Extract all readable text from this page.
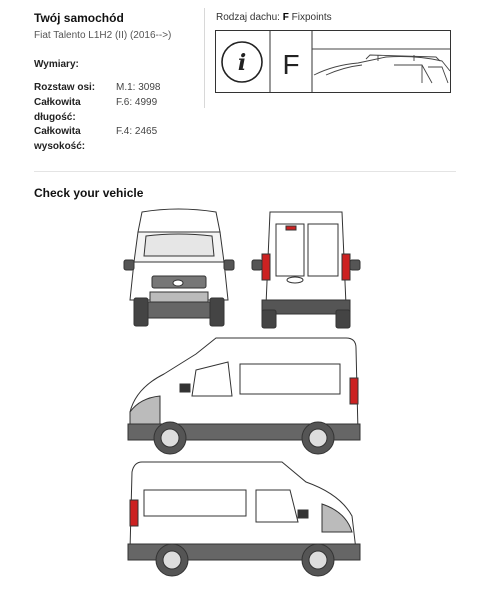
Twój samochód
Fiat Talento L1H2 (II) (2016-->)
Wymiary:
Rozstaw osi: M.1: 3098
Całkowita
długość:
F.6: 4999
Całkowita
wysokość:
F.4: 2465
Rodzaj dachu: F Fixpoints
i F
Check your vehicle
